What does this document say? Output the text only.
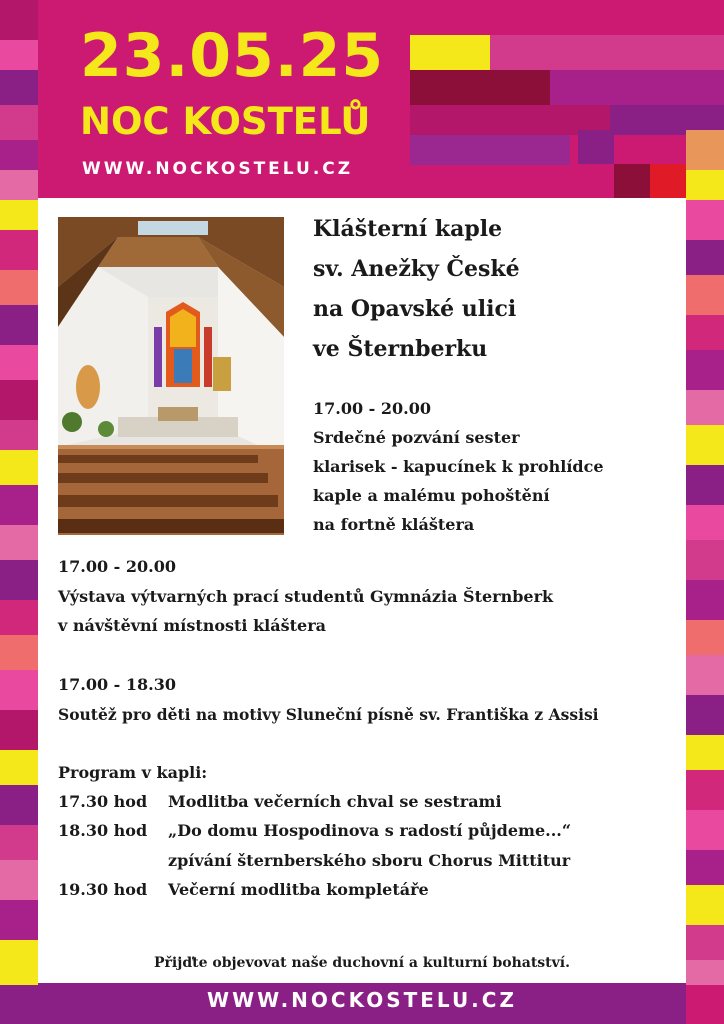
23.05.25
NOC KOSTELŮ
WWW.NOCKOSTELU.CZ
Klášterní kaple
sv. Anežky České
na Opavské ulici
ve Šternberku
17.00 - 20.00
Srdečné pozvání sester
klarisek - kapucínek k prohlídce
kaple a malému pohoštění
na fortně kláštera
17.00 - 20.00
Výstava výtvarných prací studentů Gymnázia Šternberk
v návštěvní místnosti kláštera
17.00 - 18.30
Soutěž pro děti na motivy Sluneční písně sv. Františka z Assisi
Program v kapli:
17.30 hod Modlitba večerních chval se sestrami
18.30 hod „Do domu Hospodinova s radostí půjdeme...“
zpívání šternberského sboru Chorus Mittitur
19.30 hod Večerní modlitba kompletáře
Přijďte objevovat naše duchovní a kulturní bohatství.
WWW.NOCKOSTELU.CZ
